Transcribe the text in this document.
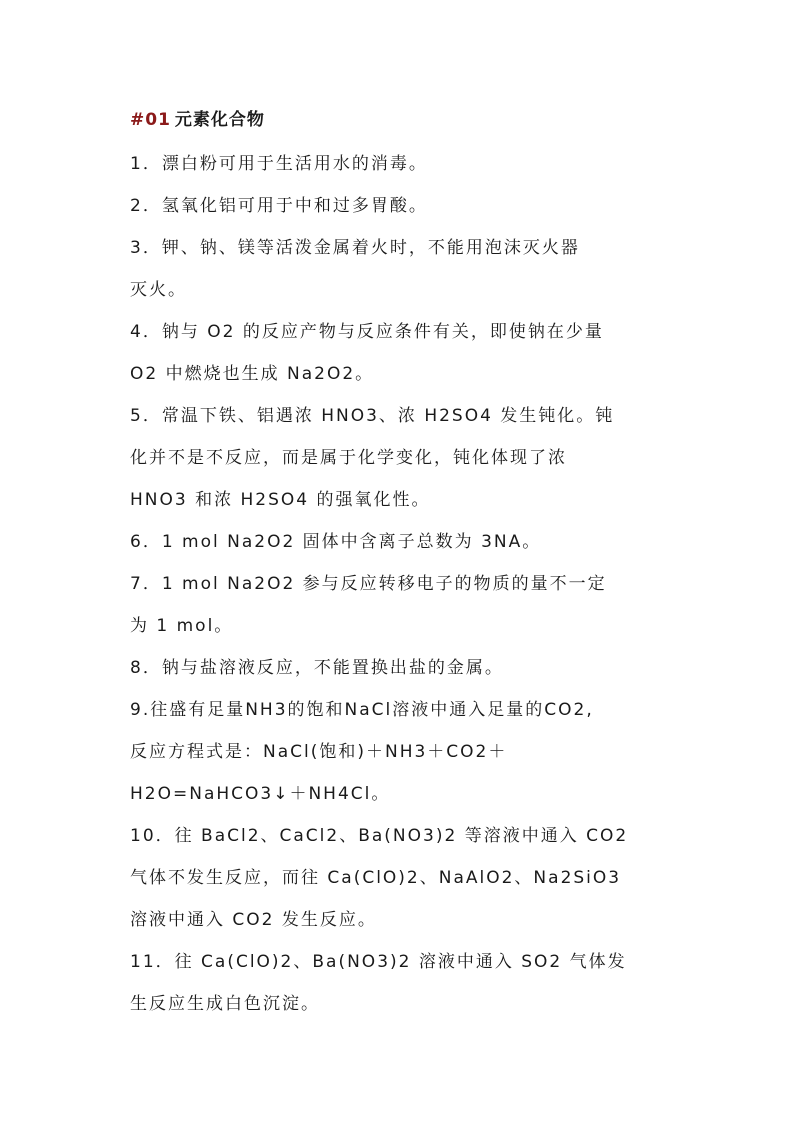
#01 元素化合物
1．漂白粉可用于生活用水的消毒。
2．氢氧化铝可用于中和过多胃酸。
3．钾、钠、镁等活泼金属着火时，不能用泡沫灭火器
灭火。
4．钠与 O2 的反应产物与反应条件有关，即使钠在少量
O2 中燃烧也生成 Na2O2。
5．常温下铁、铝遇浓 HNO3、浓 H2SO4 发生钝化。钝
化并不是不反应，而是属于化学变化，钝化体现了浓
HNO3 和浓 H2SO4 的强氧化性。
6．1 mol Na2O2 固体中含离子总数为 3NA。
7．1 mol Na2O2 参与反应转移电子的物质的量不一定
为 1 mol。
8．钠与盐溶液反应，不能置换出盐的金属。
9.往盛有足量NH3的饱和NaCl溶液中通入足量的CO2,
反应方程式是：NaCl(饱和)＋NH3＋CO2＋
H2O=NaHCO3↓＋NH4Cl。
10．往 BaCl2、CaCl2、Ba(NO3)2 等溶液中通入 CO2
气体不发生反应，而往 Ca(ClO)2、NaAlO2、Na2SiO3
溶液中通入 CO2 发生反应。
11．往 Ca(ClO)2、Ba(NO3)2 溶液中通入 SO2 气体发
生反应生成白色沉淀。
